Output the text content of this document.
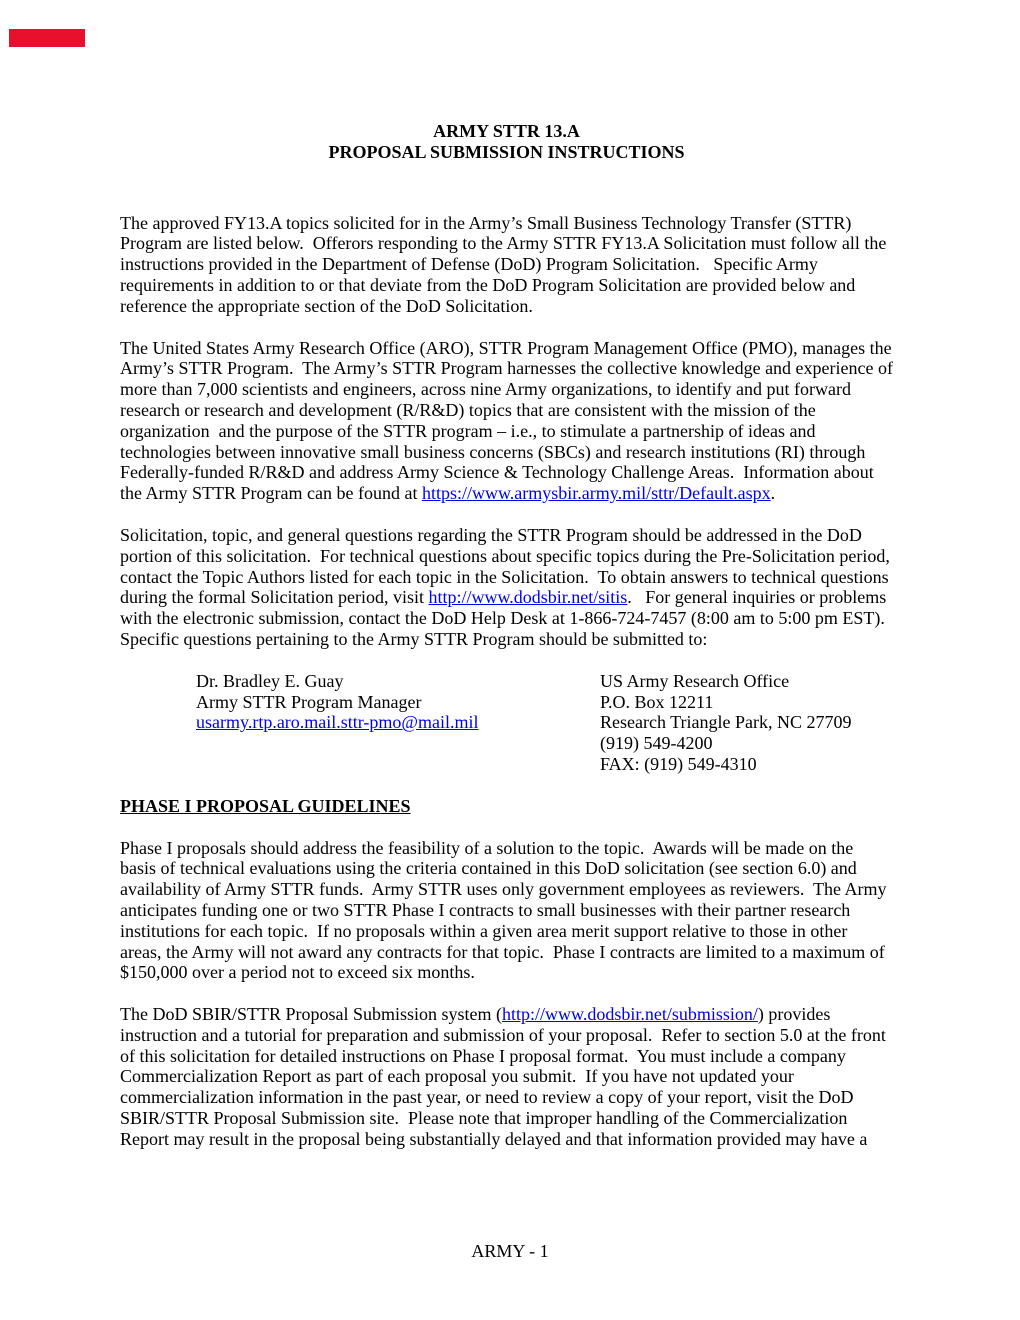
ARMY STTR 13.A
PROPOSAL SUBMISSION INSTRUCTIONS

The approved FY13.A topics solicited for in the Army’s Small Business Technology Transfer (STTR) Program are listed below.  Offerors responding to the Army STTR FY13.A Solicitation must follow all the instructions provided in the Department of Defense (DoD) Program Solicitation.   Specific Army requirements in addition to or that deviate from the DoD Program Solicitation are provided below and reference the appropriate section of the DoD Solicitation.

The United States Army Research Office (ARO), STTR Program Management Office (PMO), manages the Army’s STTR Program.  The Army’s STTR Program harnesses the collective knowledge and experience of more than 7,000 scientists and engineers, across nine Army organizations, to identify and put forward research or research and development (R/R&D) topics that are consistent with the mission of the organization  and the purpose of the STTR program – i.e., to stimulate a partnership of ideas and technologies between innovative small business concerns (SBCs) and research institutions (RI) through Federally-funded R/R&D and address Army Science & Technology Challenge Areas.  Information about the Army STTR Program can be found at https://www.armysbir.army.mil/sttr/Default.aspx.

Solicitation, topic, and general questions regarding the STTR Program should be addressed in the DoD portion of this solicitation.  For technical questions about specific topics during the Pre-Solicitation period, contact the Topic Authors listed for each topic in the Solicitation.  To obtain answers to technical questions during the formal Solicitation period, visit http://www.dodsbir.net/sitis.   For general inquiries or problems with the electronic submission, contact the DoD Help Desk at 1-866-724-7457 (8:00 am to 5:00 pm EST).  Specific questions pertaining to the Army STTR Program should be submitted to:

Dr. Bradley E. Guay
Army STTR Program Manager
usarmy.rtp.aro.mail.sttr-pmo@mail.mil
US Army Research Office
P.O. Box 12211
Research Triangle Park, NC 27709
(919) 549-4200
FAX: (919) 549-4310
PHASE I PROPOSAL GUIDELINES

Phase I proposals should address the feasibility of a solution to the topic.  Awards will be made on the basis of technical evaluations using the criteria contained in this DoD solicitation (see section 6.0) and availability of Army STTR funds.  Army STTR uses only government employees as reviewers.  The Army anticipates funding one or two STTR Phase I contracts to small businesses with their partner research institutions for each topic.  If no proposals within a given area merit support relative to those in other areas, the Army will not award any contracts for that topic.  Phase I contracts are limited to a maximum of $150,000 over a period not to exceed six months.

The DoD SBIR/STTR Proposal Submission system (http://www.dodsbir.net/submission/) provides instruction and a tutorial for preparation and submission of your proposal.  Refer to section 5.0 at the front of this solicitation for detailed instructions on Phase I proposal format.  You must include a company Commercialization Report as part of each proposal you submit.  If you have not updated your commercialization information in the past year, or need to review a copy of your report, visit the DoD SBIR/STTR Proposal Submission site.  Please note that improper handling of the Commercialization Report may result in the proposal being substantially delayed and that information provided may have a

ARMY - 1
